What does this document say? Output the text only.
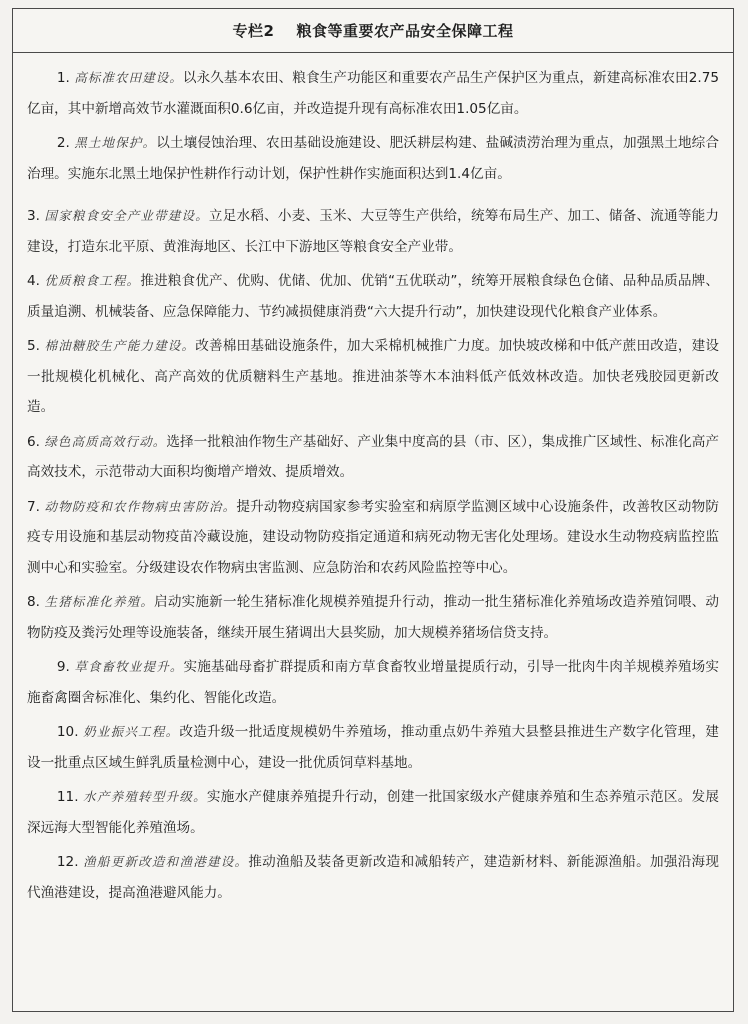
专栏2 粮食等重要农产品安全保障工程

1. 高标准农田建设。以永久基本农田、粮食生产功能区和重要农产品生产保护区为重点，新建高标准农田2.75亿亩，其中新增高效节水灌溉面积0.6亿亩，并改造提升现有高标准农田1.05亿亩。

2. 黑土地保护。以土壤侵蚀治理、农田基础设施建设、肥沃耕层构建、盐碱渍涝治理为重点，加强黑土地综合治理。实施东北黑土地保护性耕作行动计划，保护性耕作实施面积达到1.4亿亩。

3. 国家粮食安全产业带建设。立足水稻、小麦、玉米、大豆等生产供给，统筹布局生产、加工、储备、流通等能力建设，打造东北平原、黄淮海地区、长江中下游地区等粮食安全产业带。

4. 优质粮食工程。推进粮食优产、优购、优储、优加、优销“五优联动”，统筹开展粮食绿色仓储、品种品质品牌、质量追溯、机械装备、应急保障能力、节约减损健康消费“六大提升行动”，加快建设现代化粮食产业体系。

5. 棉油糖胶生产能力建设。改善棉田基础设施条件，加大采棉机械推广力度。加快坡改梯和中低产蔗田改造，建设一批规模化机械化、高产高效的优质糖料生产基地。推进油茶等木本油料低产低效林改造。加快老残胶园更新改造。

6. 绿色高质高效行动。选择一批粮油作物生产基础好、产业集中度高的县（市、区），集成推广区域性、标准化高产高效技术，示范带动大面积均衡增产增效、提质增效。

7. 动物防疫和农作物病虫害防治。提升动物疫病国家参考实验室和病原学监测区域中心设施条件，改善牧区动物防疫专用设施和基层动物疫苗冷藏设施，建设动物防疫指定通道和病死动物无害化处理场。建设水生动物疫病监控监测中心和实验室。分级建设农作物病虫害监测、应急防治和农药风险监控等中心。

8. 生猪标准化养殖。启动实施新一轮生猪标准化规模养殖提升行动，推动一批生猪标准化养殖场改造养殖饲喂、动物防疫及粪污处理等设施装备，继续开展生猪调出大县奖励，加大规模养猪场信贷支持。

9. 草食畜牧业提升。实施基础母畜扩群提质和南方草食畜牧业增量提质行动，引导一批肉牛肉羊规模养殖场实施畜禽圈舍标准化、集约化、智能化改造。

10. 奶业振兴工程。改造升级一批适度规模奶牛养殖场，推动重点奶牛养殖大县整县推进生产数字化管理，建设一批重点区域生鲜乳质量检测中心，建设一批优质饲草料基地。

11. 水产养殖转型升级。实施水产健康养殖提升行动，创建一批国家级水产健康养殖和生态养殖示范区。发展深远海大型智能化养殖渔场。

12. 渔船更新改造和渔港建设。推动渔船及装备更新改造和减船转产，建造新材料、新能源渔船。加强沿海现代渔港建设，提高渔港避风能力。
